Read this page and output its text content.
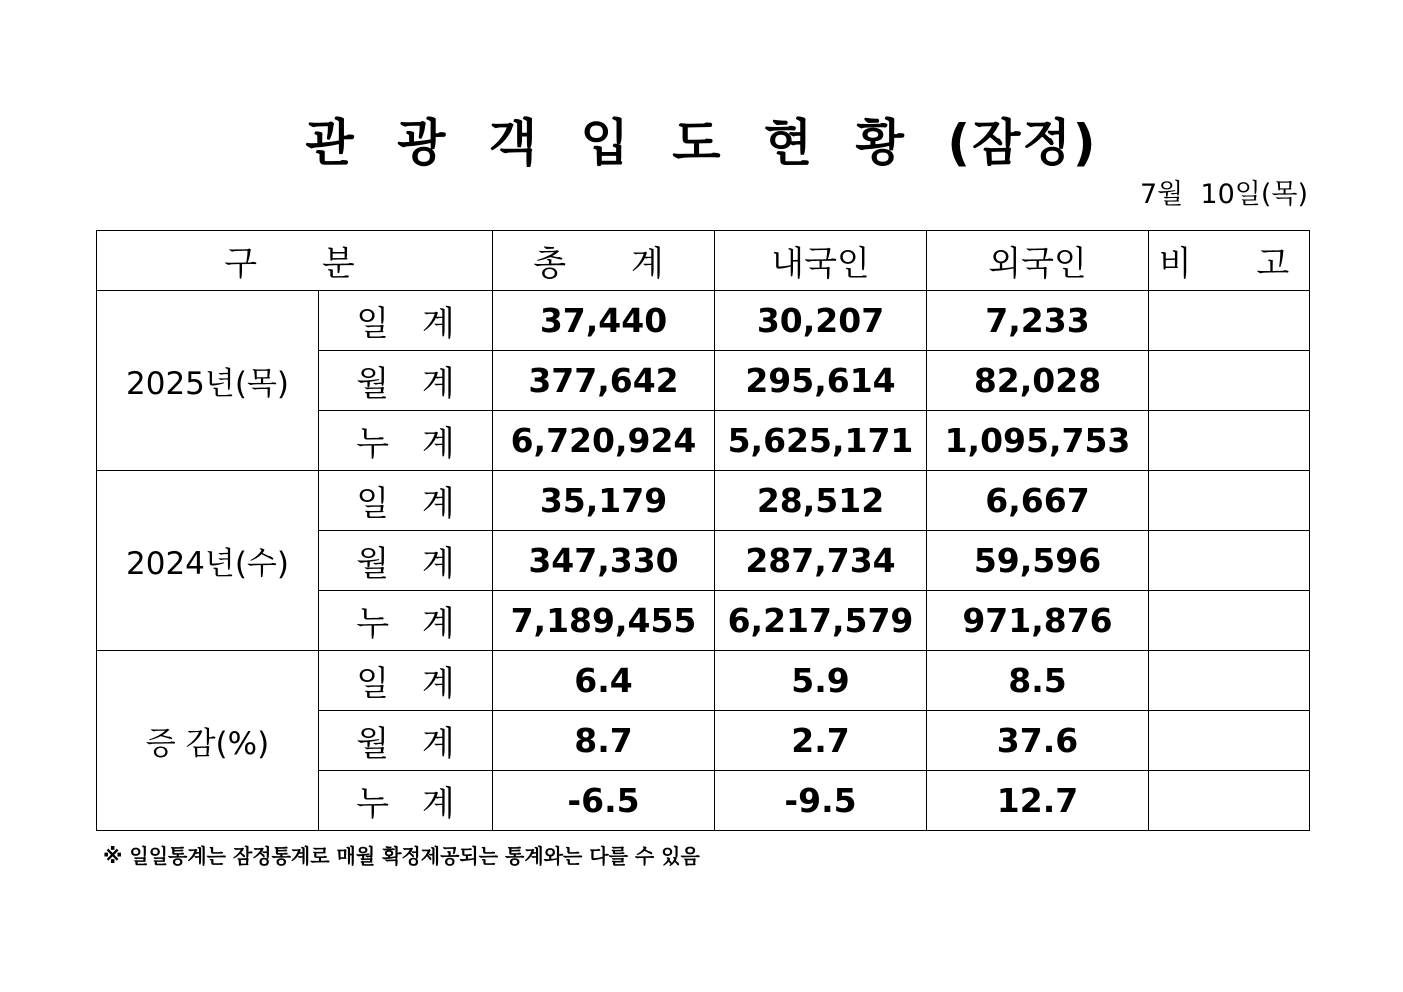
관 광 객 입 도 현 황 (잠정)
7월  10일(목)
구 분		총 계	내국인	외국인	비 고
2025년(목)	일 계	37,440	30,207	7,233	
	월 계	377,642	295,614	82,028	
	누 계	6,720,924	5,625,171	1,095,753	
2024년(수)	일 계	35,179	28,512	6,667	
	월 계	347,330	287,734	59,596	
	누 계	7,189,455	6,217,579	971,876	
증 감(%)	일 계	6.4	5.9	8.5	
	월 계	8.7	2.7	37.6	
	누 계	-6.5	-9.5	12.7	
※ 일일통계는 잠정통계로 매월 확정제공되는 통계와는 다를 수 있음
